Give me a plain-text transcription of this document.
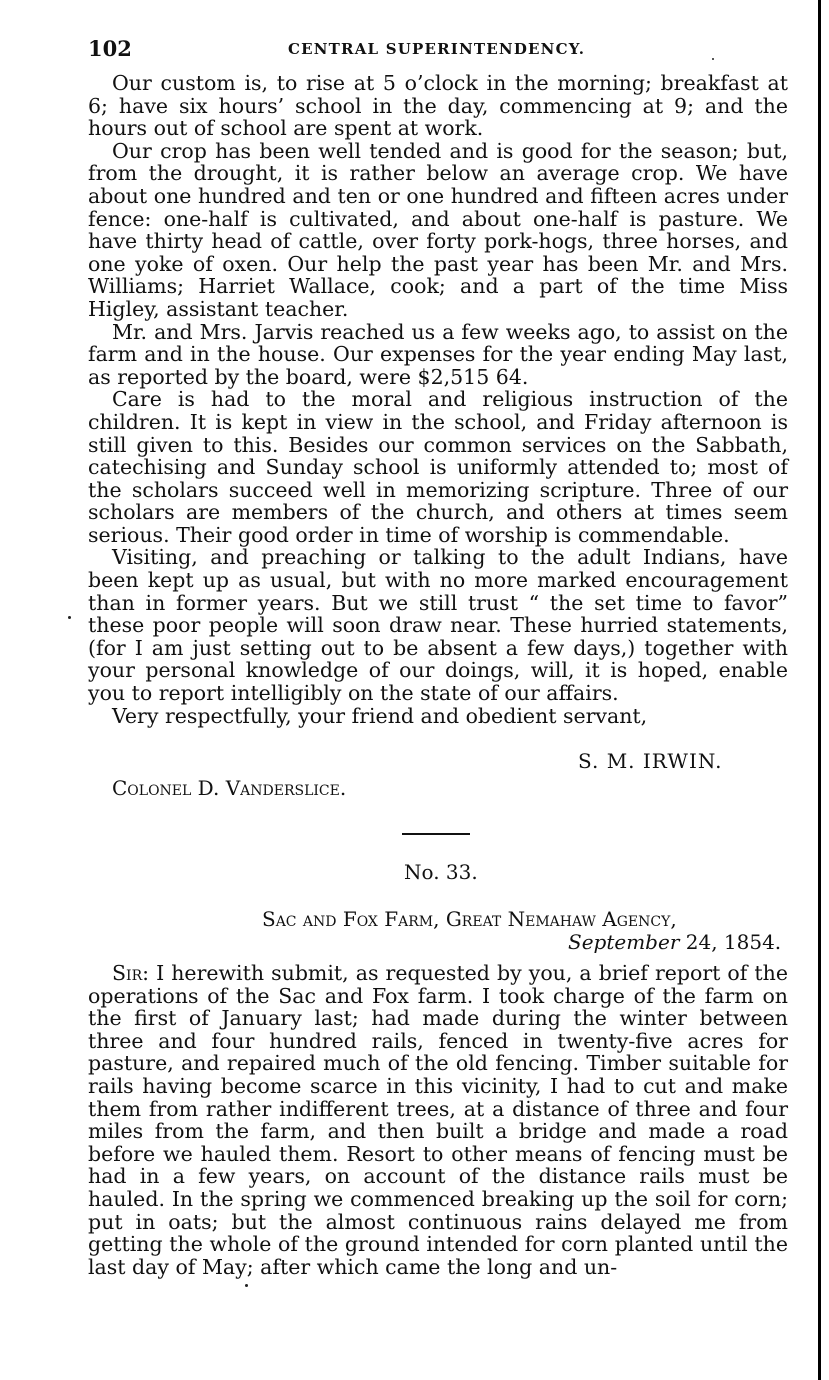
102	CENTRAL SUPERINTENDENCY.

Our custom is, to rise at 5 o’clock in the morning; breakfast at 6; have six hours’ school in the day, commencing at 9; and the hours out of school are spent at work.

Our crop has been well tended and is good for the season; but, from the drought, it is rather below an average crop. We have about one hundred and ten or one hundred and fifteen acres under fence: one-half is cultivated, and about one-half is pasture. We have thirty head of cattle, over forty pork-hogs, three horses, and one yoke of oxen. Our help the past year has been Mr. and Mrs. Williams; Harriet Wallace, cook; and a part of the time Miss Higley, assistant teacher.

Mr. and Mrs. Jarvis reached us a few weeks ago, to assist on the farm and in the house. Our expenses for the year ending May last, as reported by the board, were $2,515 64.

Care is had to the moral and religious instruction of the children. It is kept in view in the school, and Friday afternoon is still given to this. Besides our common services on the Sabbath, catechising and Sunday school is uniformly attended to; most of the scholars succeed well in memorizing scripture. Three of our scholars are members of the church, and others at times seem serious. Their good order in time of worship is commendable.

Visiting, and preaching or talking to the adult Indians, have been kept up as usual, but with no more marked encouragement than in former years. But we still trust “ the set time to favor” these poor people will soon draw near. These hurried statements, (for I am just setting out to be absent a few days,) together with your personal knowledge of our doings, will, it is hoped, enable you to report intelligibly on the state of our affairs.

Very respectfully, your friend and obedient servant,

S. M. IRWIN.
Colonel D. Vanderslice.
No. 33.
Sac and Fox Farm, Great Nemahaw Agency,
September 24, 1854.

Sir: I herewith submit, as requested by you, a brief report of the operations of the Sac and Fox farm. I took charge of the farm on the first of January last; had made during the winter between three and four hundred rails, fenced in twenty-five acres for pasture, and repaired much of the old fencing. Timber suitable for rails having become scarce in this vicinity, I had to cut and make them from rather indifferent trees, at a distance of three and four miles from the farm, and then built a bridge and made a road before we hauled them. Resort to other means of fencing must be had in a few years, on account of the distance rails must be hauled. In the spring we commenced breaking up the soil for corn; put in oats; but the almost continuous rains delayed me from getting the whole of the ground intended for corn planted until the last day of May; after which came the long and un-
